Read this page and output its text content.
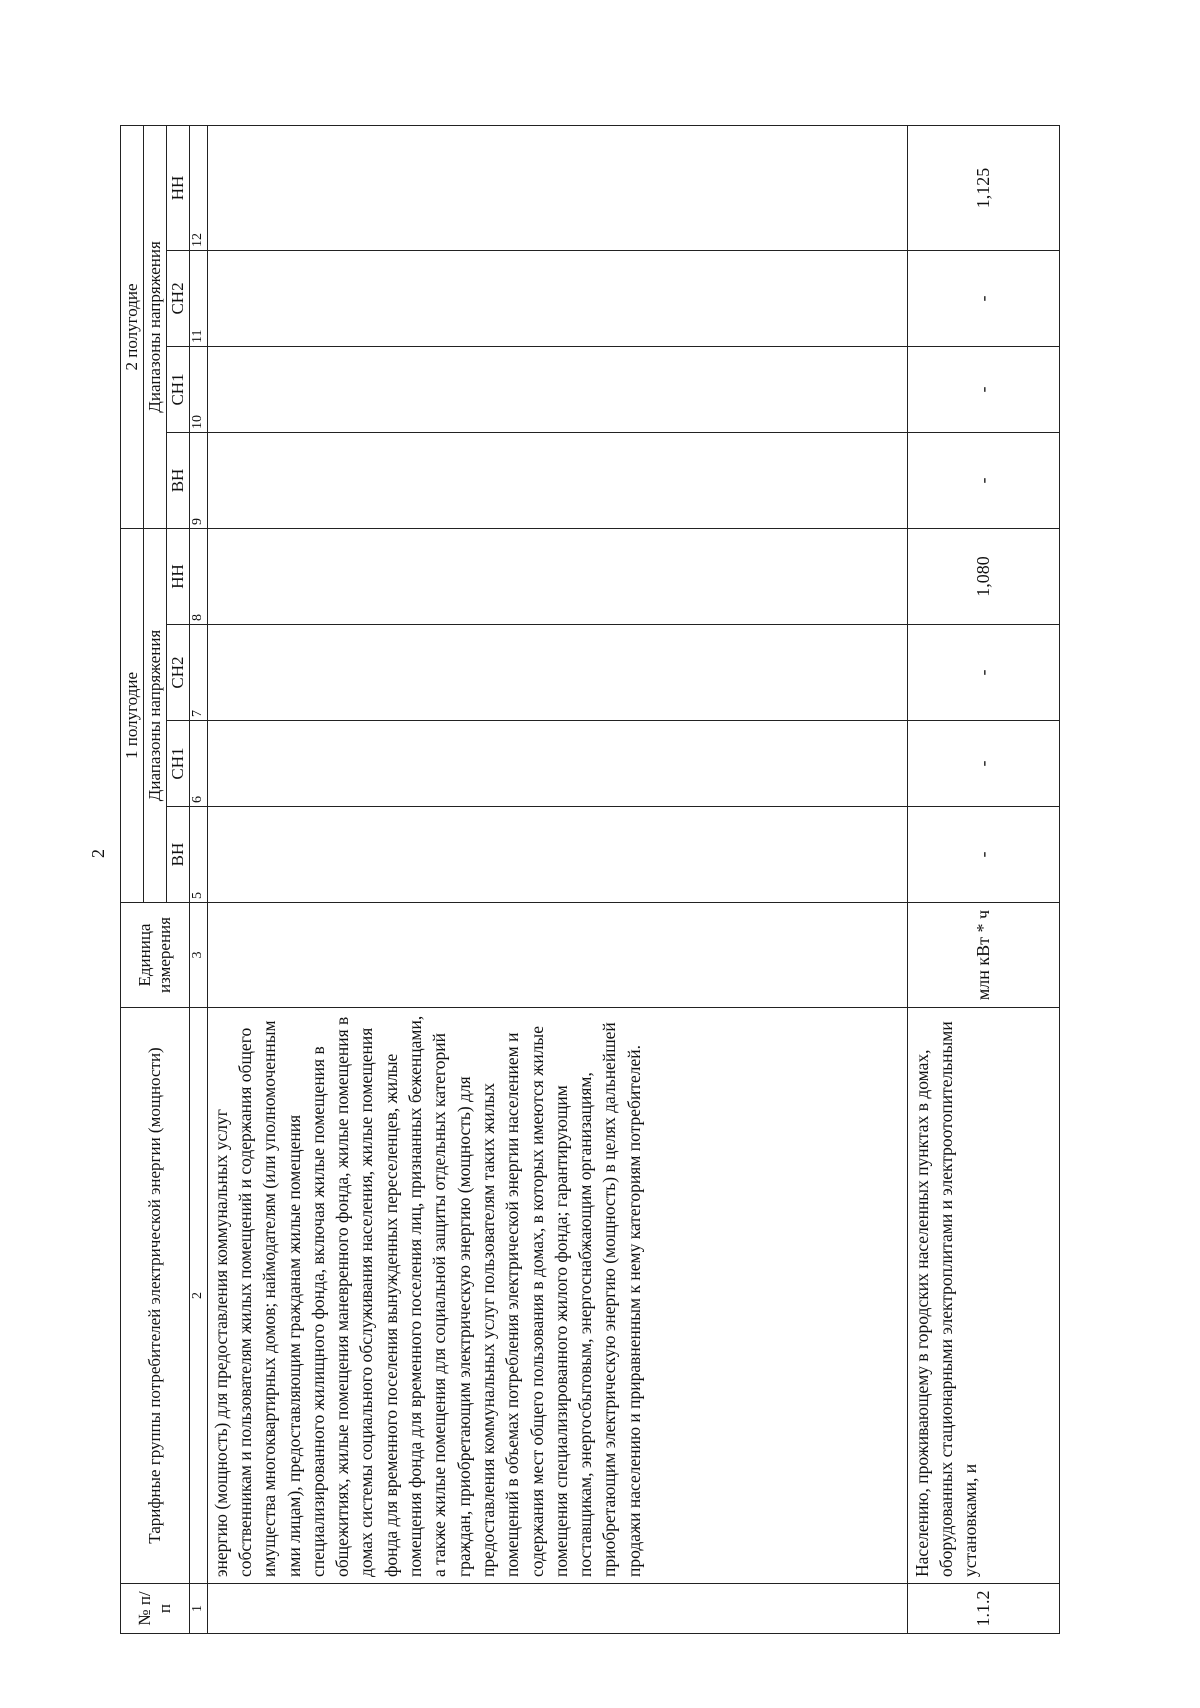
2
№ п/п	Тарифные группы потребителей электрической энергии (мощности)	Единица измерения	1 полугодие				2 полугодие			
			Диапазоны напряжения				Диапазоны напряжения			
			ВН	СН1	СН2	НН	ВН	СН1	СН2	НН
1	2	3	5	6	7	8	9	10	11	12
	энергию (мощность) для предоставления коммунальных услуг собственникам и пользователям жилых помещений и содержания общего имущества многоквартирных домов; наймодателям (или уполномоченным ими лицам), предоставляющим гражданам жилые помещения специализированного жилищного фонда, включая жилые помещения в общежитиях, жилые помещения маневренного фонда, жилые помещения в домах системы социального обслуживания населения, жилые помещения фонда для временного поселения вынужденных переселенцев, жилые помещения фонда для временного поселения лиц, признанных беженцами, а также жилые помещения для социальной защиты отдельных категорий граждан, приобретающим электрическую энергию (мощность) для предоставления коммунальных услуг пользователям таких жилых помещений в объемах потребления электрической энергии населением и содержания мест общего пользования в домах, в которых имеются жилые помещения специализированного жилого фонда; гарантирующим поставщикам, энергосбытовым, энергоснабжающим организациям, приобретающим электрическую энергию (мощность) в целях дальнейшей продажи населению и приравненным к нему категориям потребителей.									
1.1.2	Населению, проживающему в городских населенных пунктах в домах, оборудованных стационарными электроплитами и электроотопительными установками, и	млн кВт * ч	-	-	-	1,080	-	-	-	1,125
